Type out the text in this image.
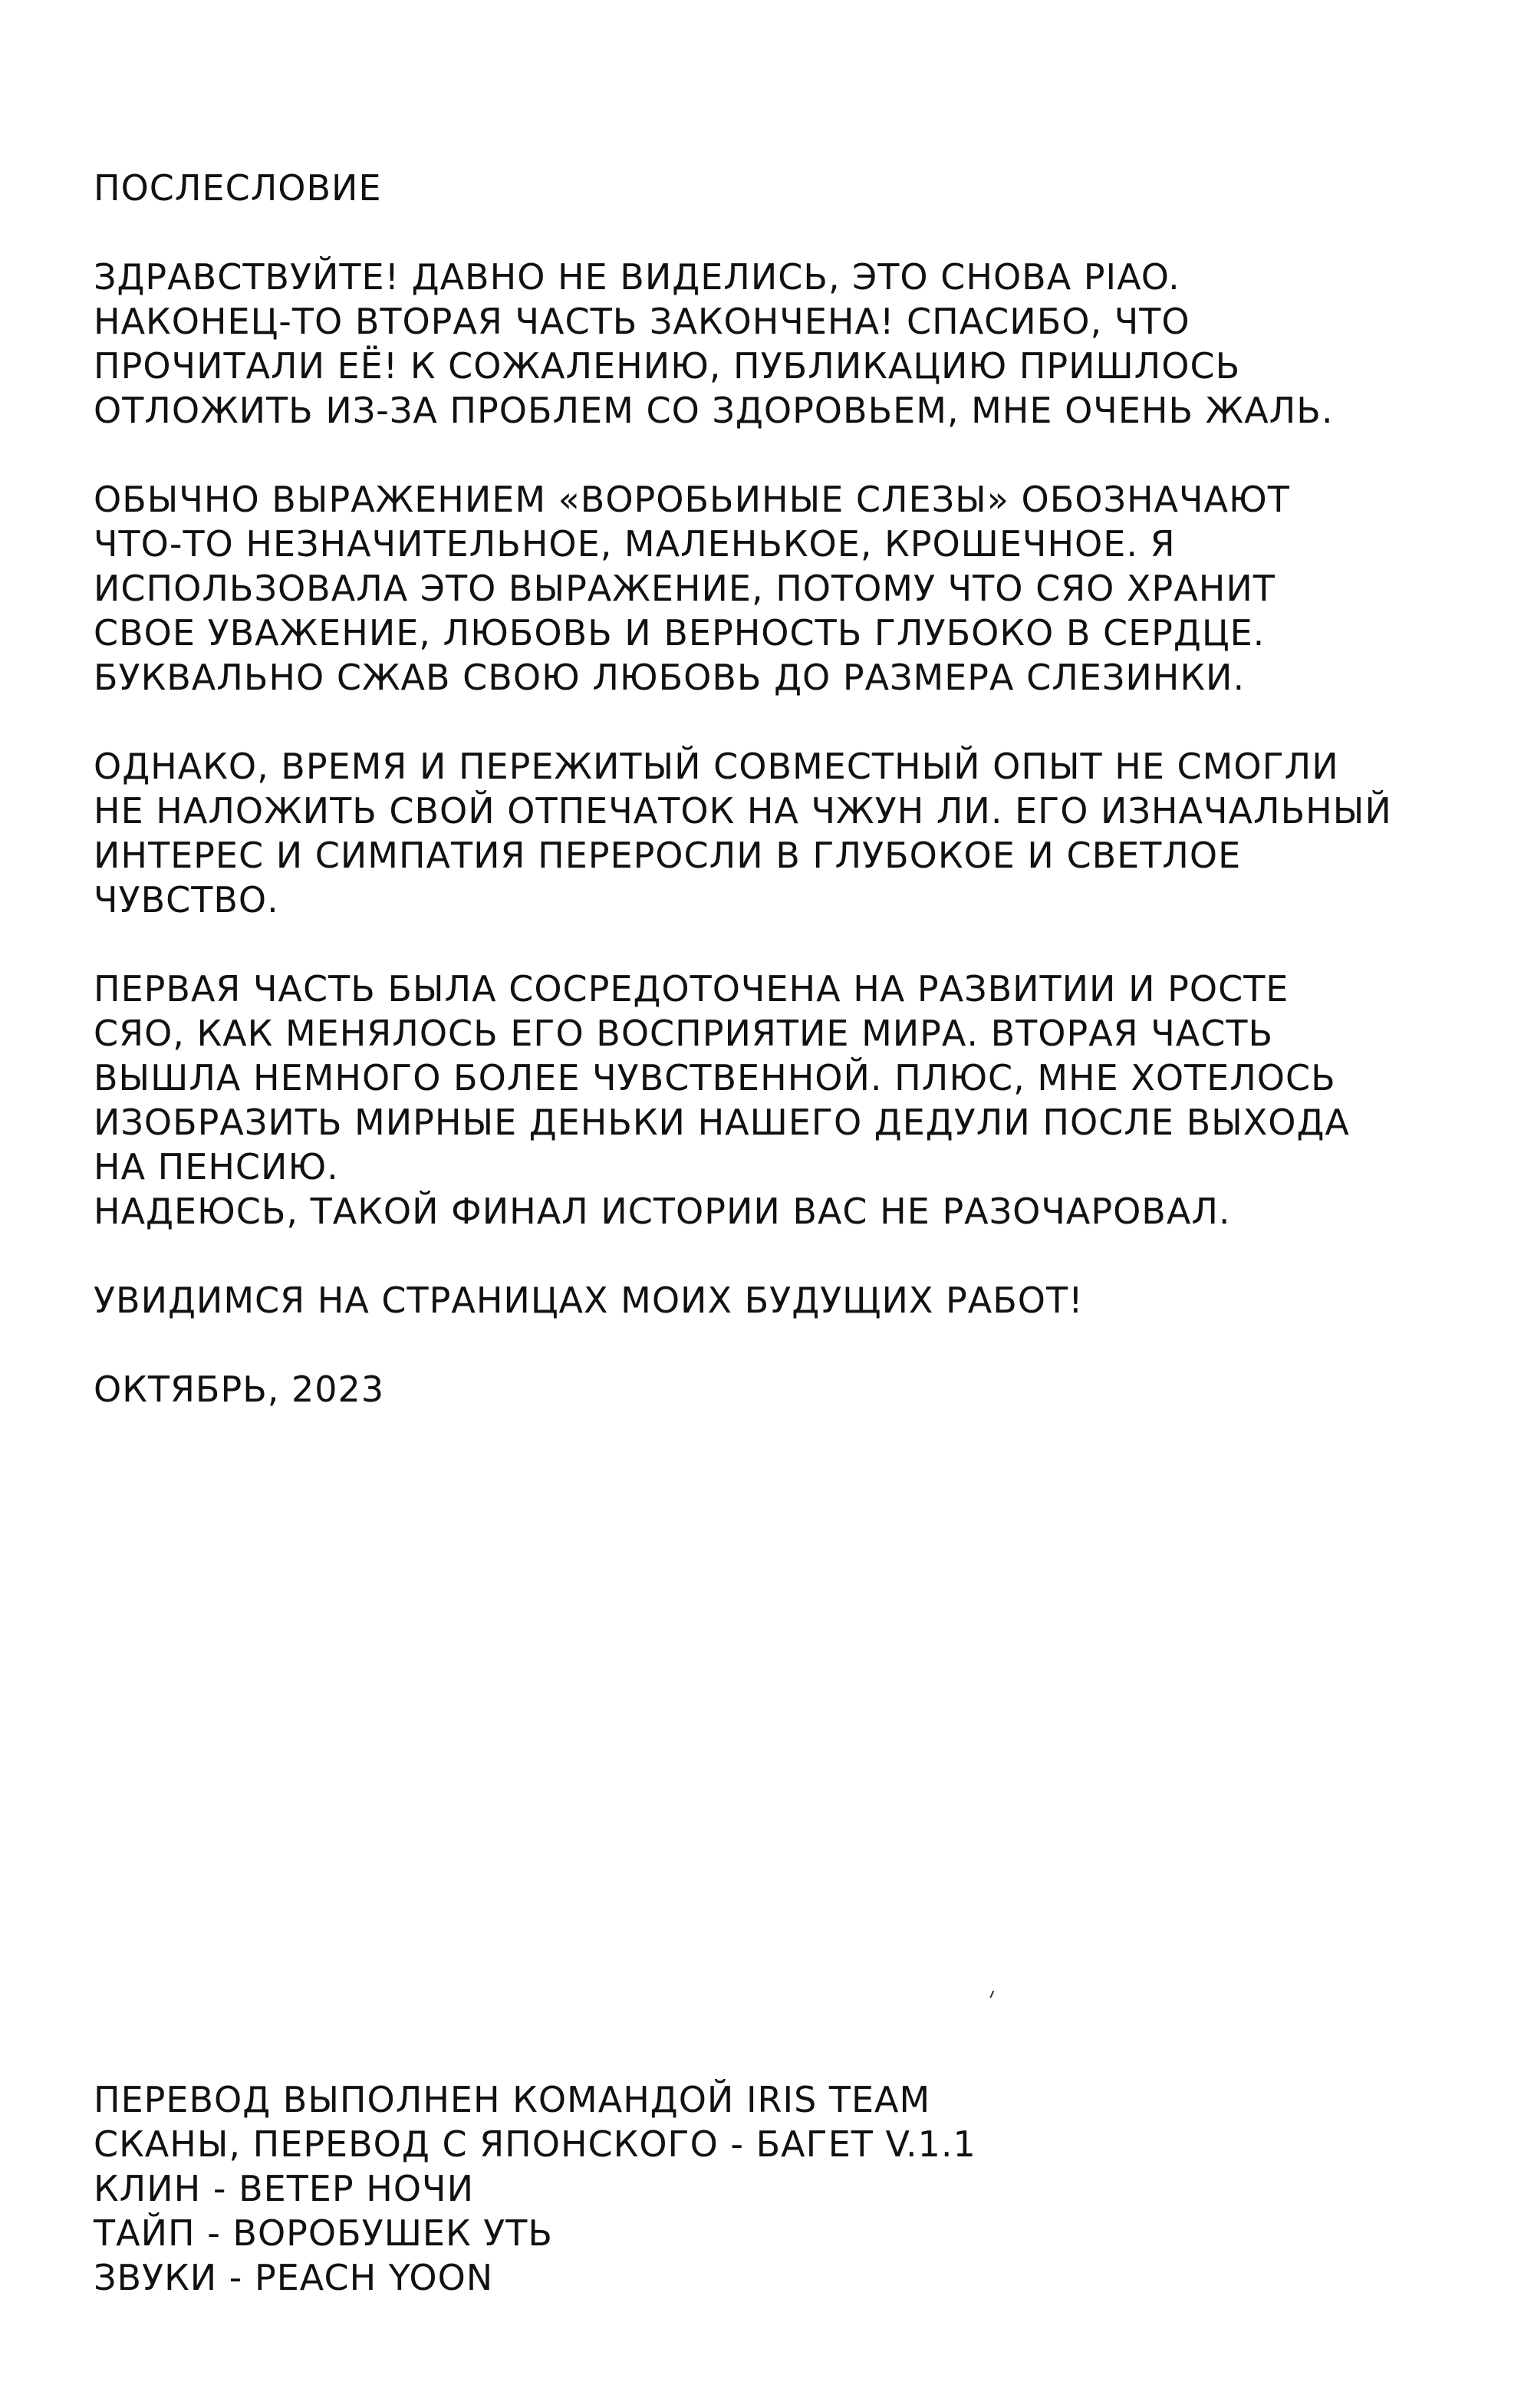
ПОСЛЕСЛОВИЕ
ЗДРАВСТВУЙТЕ! ДАВНО НЕ ВИДЕЛИСЬ, ЭТО СНОВА PIAO.
НАКОНЕЦ-ТО ВТОРАЯ ЧАСТЬ ЗАКОНЧЕНА! СПАСИБО, ЧТО
ПРОЧИТАЛИ ЕЁ! К СОЖАЛЕНИЮ, ПУБЛИКАЦИЮ ПРИШЛОСЬ
ОТЛОЖИТЬ ИЗ-ЗА ПРОБЛЕМ СО ЗДОРОВЬЕМ, МНЕ ОЧЕНЬ ЖАЛЬ.
ОБЫЧНО ВЫРАЖЕНИЕМ «ВОРОБЬИНЫЕ СЛЕЗЫ» ОБОЗНАЧАЮТ
ЧТО-ТО НЕЗНАЧИТЕЛЬНОЕ, МАЛЕНЬКОЕ, КРОШЕЧНОЕ. Я
ИСПОЛЬЗОВАЛА ЭТО ВЫРАЖЕНИЕ, ПОТОМУ ЧТО СЯО ХРАНИТ
СВОЕ УВАЖЕНИЕ, ЛЮБОВЬ И ВЕРНОСТЬ ГЛУБОКО В СЕРДЦЕ.
БУКВАЛЬНО СЖАВ СВОЮ ЛЮБОВЬ ДО РАЗМЕРА СЛЕЗИНКИ.
ОДНАКО, ВРЕМЯ И ПЕРЕЖИТЫЙ СОВМЕСТНЫЙ ОПЫТ НЕ СМОГЛИ
НЕ НАЛОЖИТЬ СВОЙ ОТПЕЧАТОК НА ЧЖУН ЛИ. ЕГО ИЗНАЧАЛЬНЫЙ
ИНТЕРЕС И СИМПАТИЯ ПЕРЕРОСЛИ В ГЛУБОКОЕ И СВЕТЛОЕ
ЧУВСТВО.
ПЕРВАЯ ЧАСТЬ БЫЛА СОСРЕДОТОЧЕНА НА РАЗВИТИИ И РОСТЕ
СЯО, КАК МЕНЯЛОСЬ ЕГО ВОСПРИЯТИЕ МИРА. ВТОРАЯ ЧАСТЬ
ВЫШЛА НЕМНОГО БОЛЕЕ ЧУВСТВЕННОЙ. ПЛЮС, МНЕ ХОТЕЛОСЬ
ИЗОБРАЗИТЬ МИРНЫЕ ДЕНЬКИ НАШЕГО ДЕДУЛИ ПОСЛЕ ВЫХОДА
НА ПЕНСИЮ.
НАДЕЮСЬ, ТАКОЙ ФИНАЛ ИСТОРИИ ВАС НЕ РАЗОЧАРОВАЛ.
УВИДИМСЯ НА СТРАНИЦАХ МОИХ БУДУЩИХ РАБОТ!
ОКТЯБРЬ, 2023
ПЕРЕВОД ВЫПОЛНЕН КОМАНДОЙ IRIS TEAM
СКАНЫ, ПЕРЕВОД С ЯПОНСКОГО - БАГЕТ V.1.1
КЛИН - ВЕТЕР НОЧИ
ТАЙП - ВОРОБУШЕК УТЬ
ЗВУКИ - PEACH YOON
